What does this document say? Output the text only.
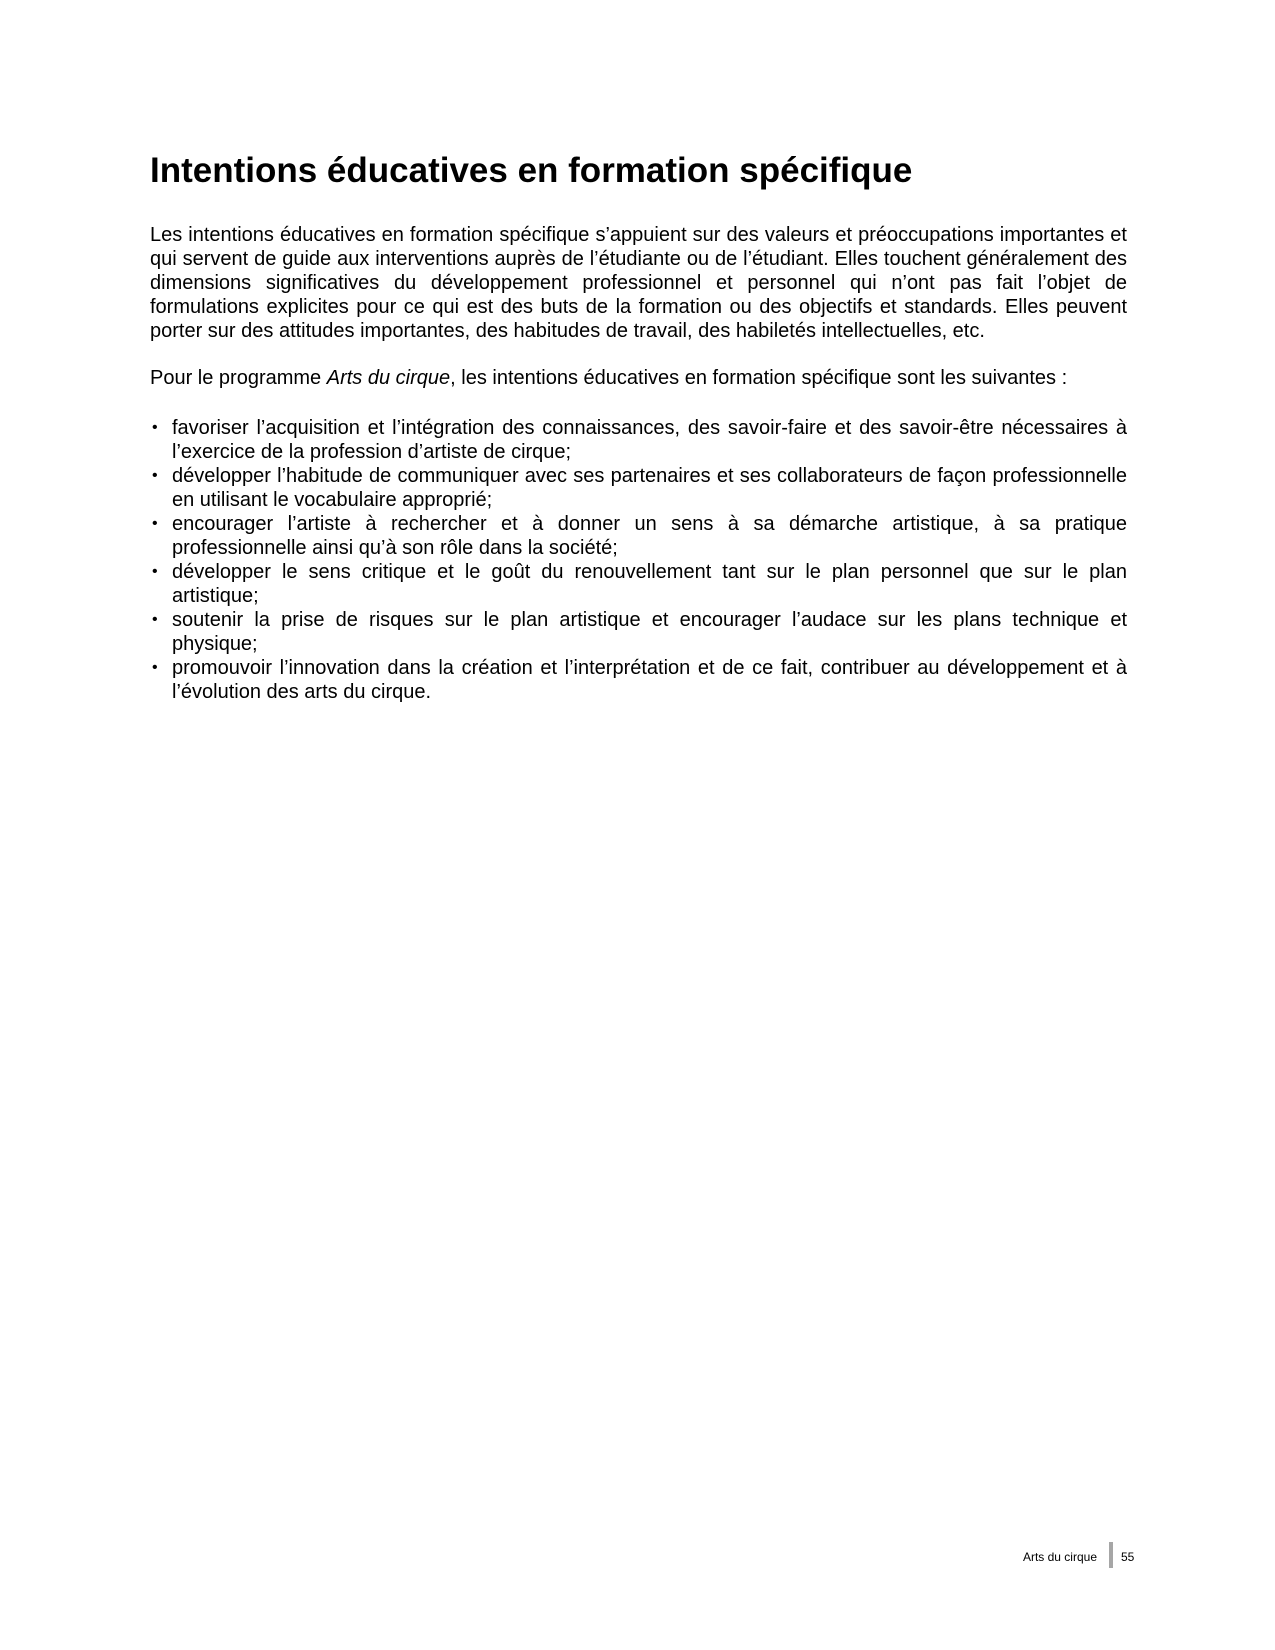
Intentions éducatives en formation spécifique

Les intentions éducatives en formation spécifique s’appuient sur des valeurs et préoccupations importantes et qui servent de guide aux interventions auprès de l’étudiante ou de l’étudiant. Elles touchent généralement des dimensions significatives du développement professionnel et personnel qui n’ont pas fait l’objet de formulations explicites pour ce qui est des buts de la formation ou des objectifs et standards. Elles peuvent porter sur des attitudes importantes, des habitudes de travail, des habiletés intellectuelles, etc.

Pour le programme Arts du cirque, les intentions éducatives en formation spécifique sont les suivantes :

• favoriser l’acquisition et l’intégration des connaissances, des savoir-faire et des savoir-être nécessaires à l’exercice de la profession d’artiste de cirque;
• développer l’habitude de communiquer avec ses partenaires et ses collaborateurs de façon professionnelle en utilisant le vocabulaire approprié;
• encourager l’artiste à rechercher et à donner un sens à sa démarche artistique, à sa pratique professionnelle ainsi qu’à son rôle dans la société;
• développer le sens critique et le goût du renouvellement tant sur le plan personnel que sur le plan artistique;
• soutenir la prise de risques sur le plan artistique et encourager l’audace sur les plans technique et physique;
• promouvoir l’innovation dans la création et l’interprétation et de ce fait, contribuer au développement et à l’évolution des arts du cirque.
Arts du cirque 55
